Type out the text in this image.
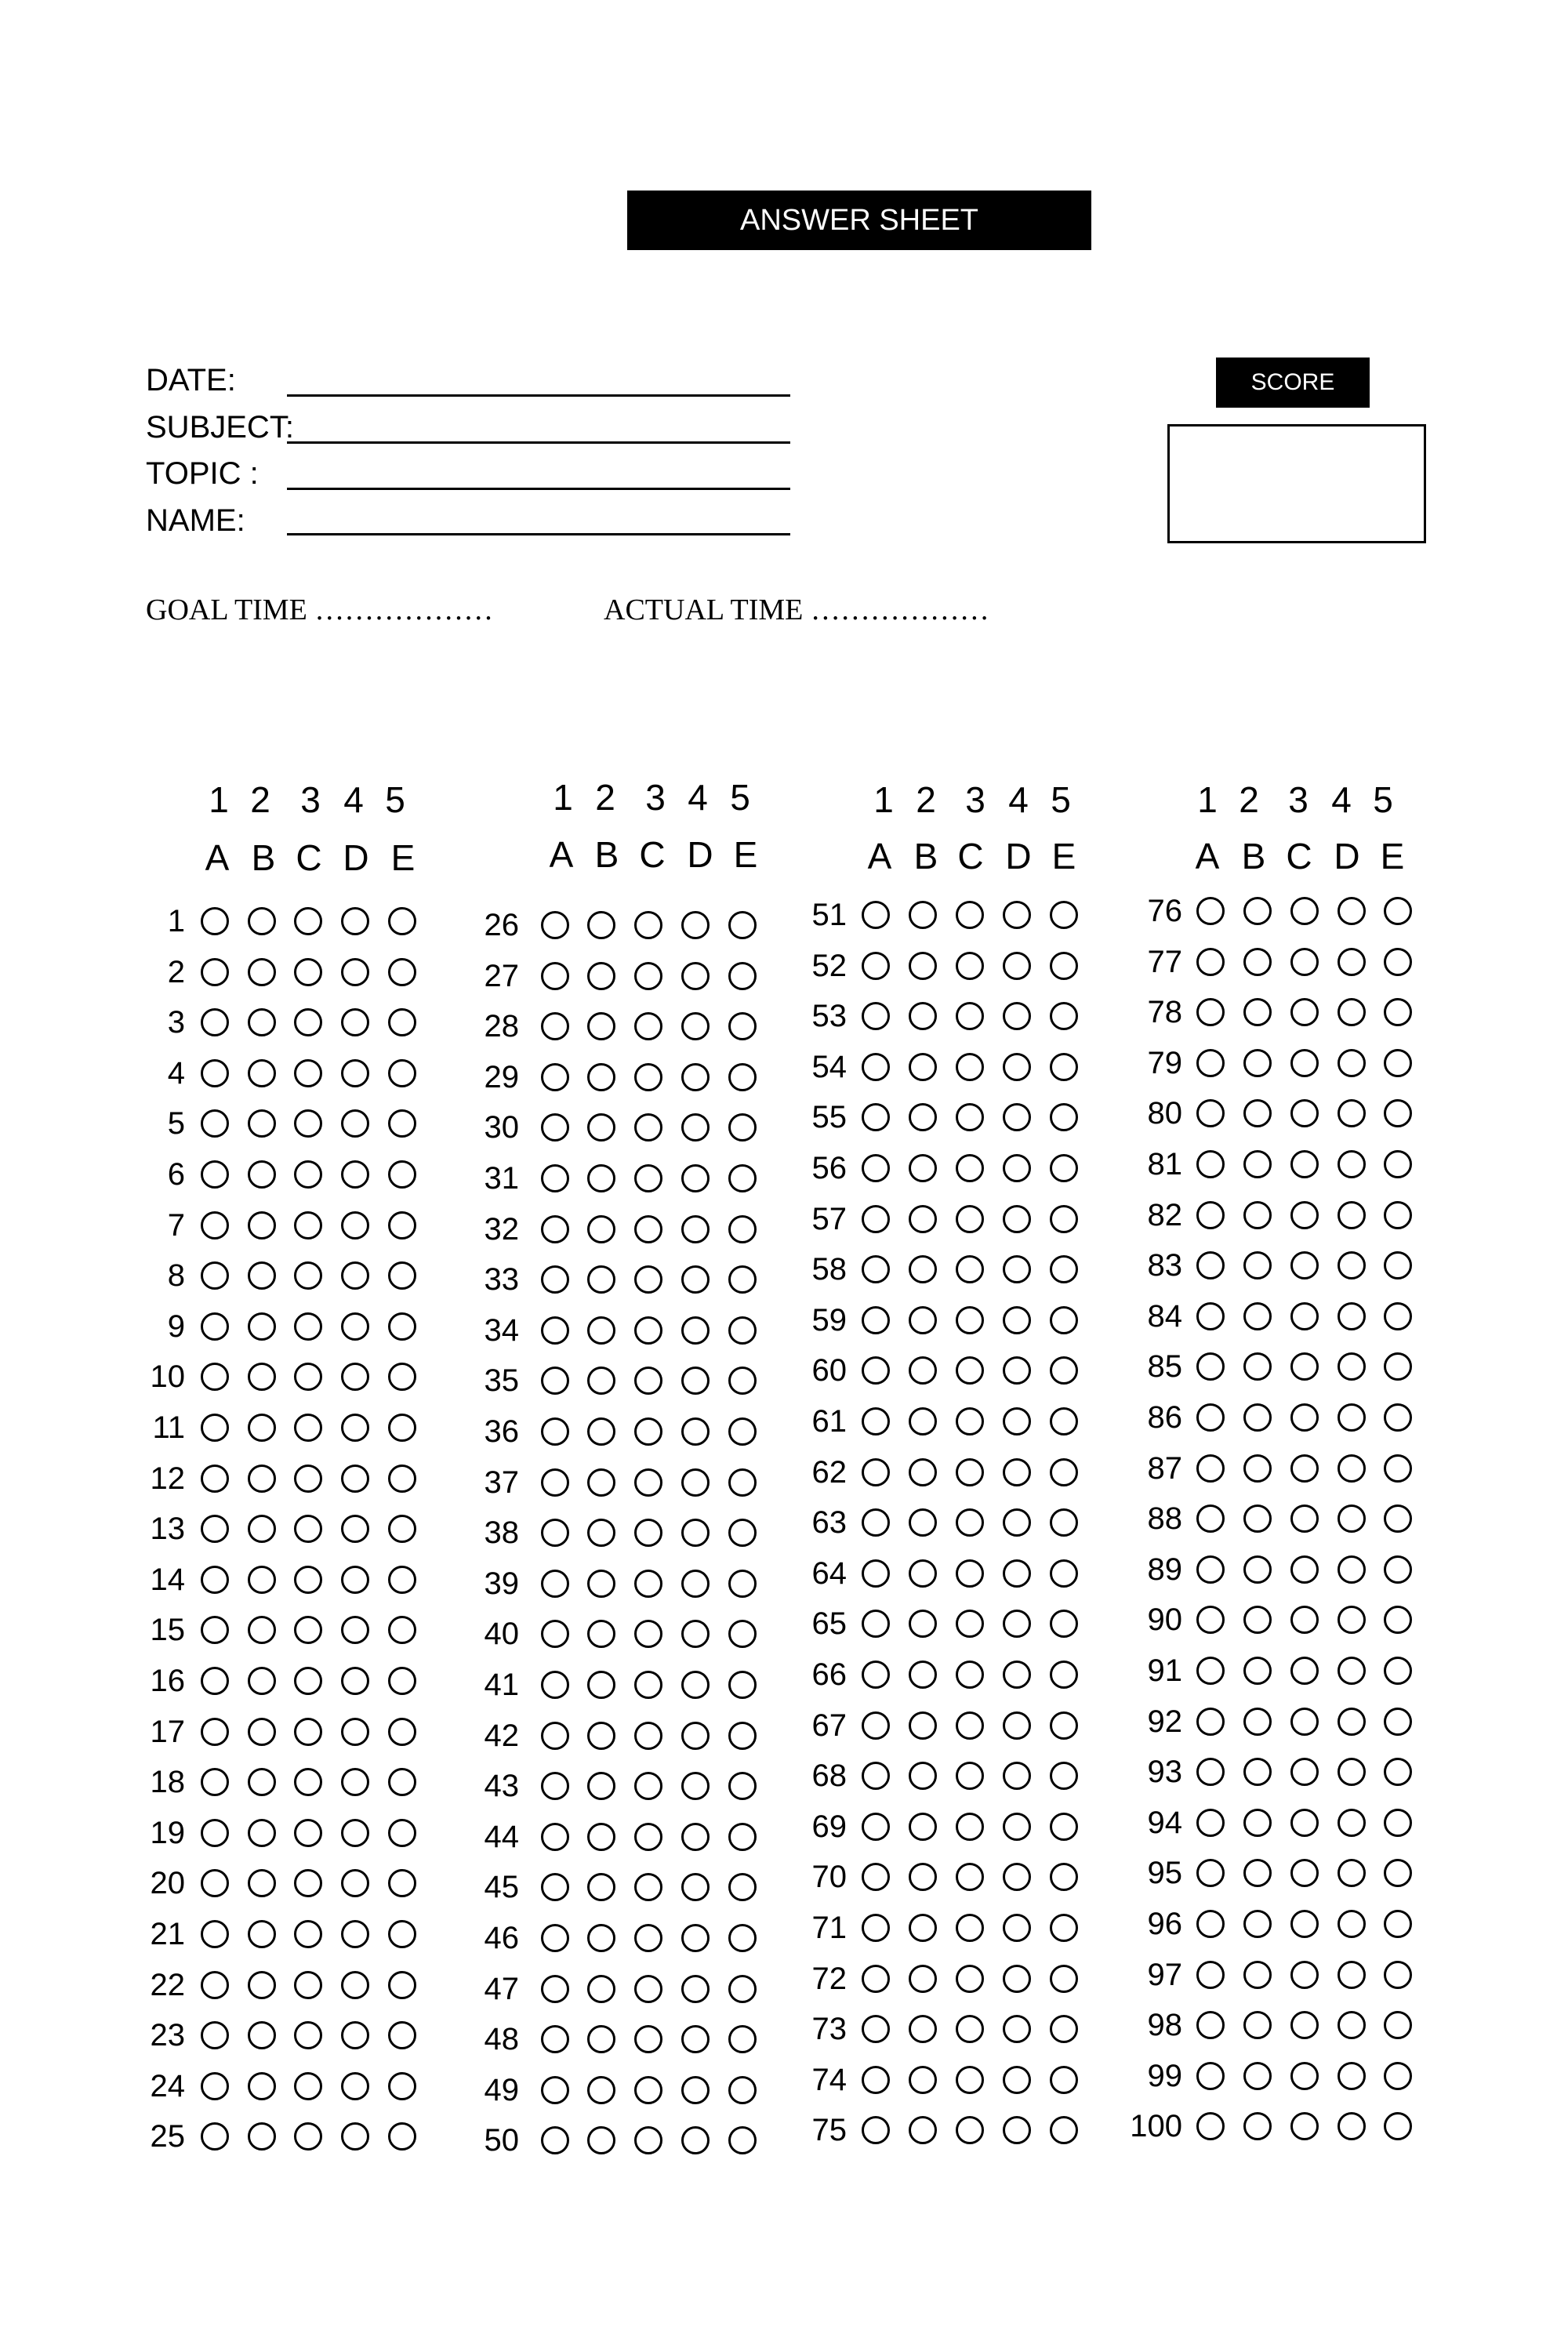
ANSWER SHEET
DATE:
SUBJECT:
TOPIC :
NAME:
SCORE
GOAL TIME ………………	ACTUAL TIME ………………
1 2 3 4 5
A B C D E
1
2
3
4
5
6
7
8
9
10
11
12
13
14
15
16
17
18
19
20
21
22
23
24
25
1 2 3 4 5
A B C D E
26
27
28
29
30
31
32
33
34
35
36
37
38
39
40
41
42
43
44
45
46
47
48
49
50
1 2 3 4 5
A B C D E
51
52
53
54
55
56
57
58
59
60
61
62
63
64
65
66
67
68
69
70
71
72
73
74
75
1 2 3 4 5
A B C D E
76
77
78
79
80
81
82
83
84
85
86
87
88
89
90
91
92
93
94
95
96
97
98
99
100
